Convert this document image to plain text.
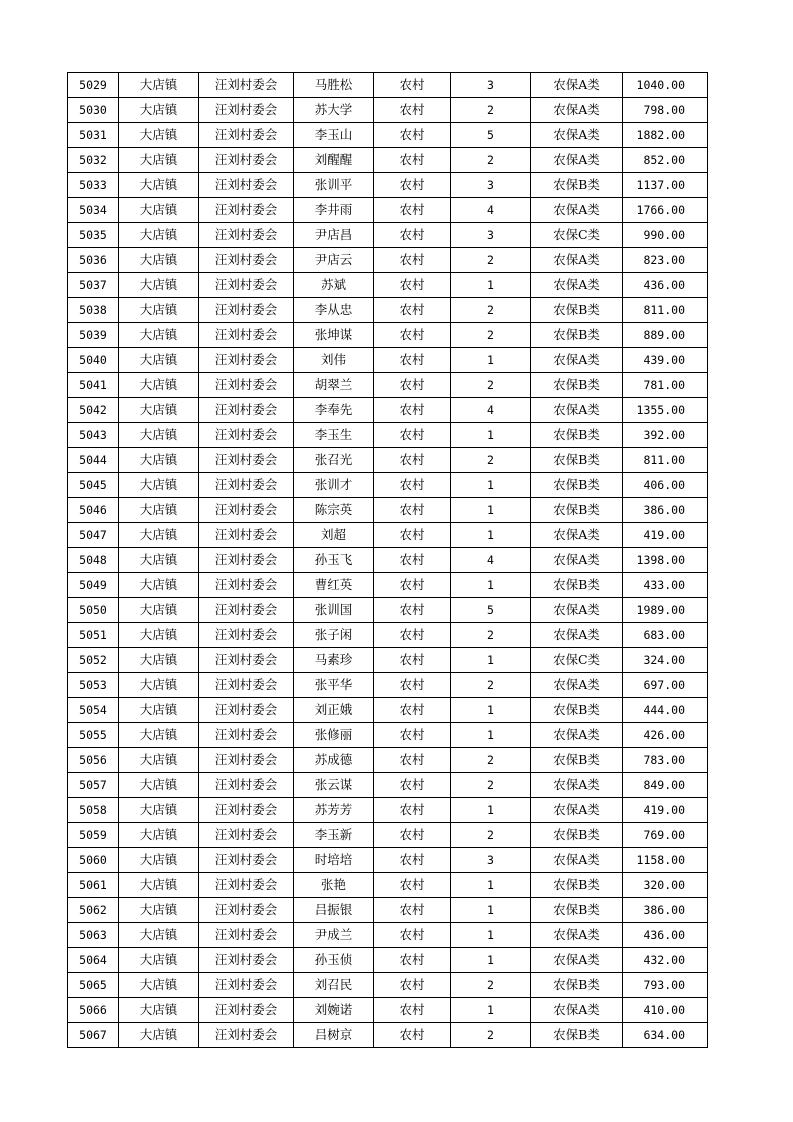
5029	大店镇	汪刘村委会	马胜松	农村	3	农保A类	1040.00
5030	大店镇	汪刘村委会	苏大学	农村	2	农保A类	798.00
5031	大店镇	汪刘村委会	李玉山	农村	5	农保A类	1882.00
5032	大店镇	汪刘村委会	刘醒醒	农村	2	农保A类	852.00
5033	大店镇	汪刘村委会	张训平	农村	3	农保B类	1137.00
5034	大店镇	汪刘村委会	李井雨	农村	4	农保A类	1766.00
5035	大店镇	汪刘村委会	尹店昌	农村	3	农保C类	990.00
5036	大店镇	汪刘村委会	尹店云	农村	2	农保A类	823.00
5037	大店镇	汪刘村委会	苏斌	农村	1	农保A类	436.00
5038	大店镇	汪刘村委会	李从忠	农村	2	农保B类	811.00
5039	大店镇	汪刘村委会	张坤谋	农村	2	农保B类	889.00
5040	大店镇	汪刘村委会	刘伟	农村	1	农保A类	439.00
5041	大店镇	汪刘村委会	胡翠兰	农村	2	农保B类	781.00
5042	大店镇	汪刘村委会	李奉先	农村	4	农保A类	1355.00
5043	大店镇	汪刘村委会	李玉生	农村	1	农保B类	392.00
5044	大店镇	汪刘村委会	张召光	农村	2	农保B类	811.00
5045	大店镇	汪刘村委会	张训才	农村	1	农保B类	406.00
5046	大店镇	汪刘村委会	陈宗英	农村	1	农保B类	386.00
5047	大店镇	汪刘村委会	刘超	农村	1	农保A类	419.00
5048	大店镇	汪刘村委会	孙玉飞	农村	4	农保A类	1398.00
5049	大店镇	汪刘村委会	曹红英	农村	1	农保B类	433.00
5050	大店镇	汪刘村委会	张训国	农村	5	农保A类	1989.00
5051	大店镇	汪刘村委会	张子闲	农村	2	农保A类	683.00
5052	大店镇	汪刘村委会	马素珍	农村	1	农保C类	324.00
5053	大店镇	汪刘村委会	张平华	农村	2	农保A类	697.00
5054	大店镇	汪刘村委会	刘正娥	农村	1	农保B类	444.00
5055	大店镇	汪刘村委会	张修丽	农村	1	农保A类	426.00
5056	大店镇	汪刘村委会	苏成德	农村	2	农保B类	783.00
5057	大店镇	汪刘村委会	张云谋	农村	2	农保A类	849.00
5058	大店镇	汪刘村委会	苏芳芳	农村	1	农保A类	419.00
5059	大店镇	汪刘村委会	李玉新	农村	2	农保B类	769.00
5060	大店镇	汪刘村委会	时培培	农村	3	农保A类	1158.00
5061	大店镇	汪刘村委会	张艳	农村	1	农保B类	320.00
5062	大店镇	汪刘村委会	吕振银	农村	1	农保B类	386.00
5063	大店镇	汪刘村委会	尹成兰	农村	1	农保A类	436.00
5064	大店镇	汪刘村委会	孙玉侦	农村	1	农保A类	432.00
5065	大店镇	汪刘村委会	刘召民	农村	2	农保B类	793.00
5066	大店镇	汪刘村委会	刘婉诺	农村	1	农保A类	410.00
5067	大店镇	汪刘村委会	吕树京	农村	2	农保B类	634.00
